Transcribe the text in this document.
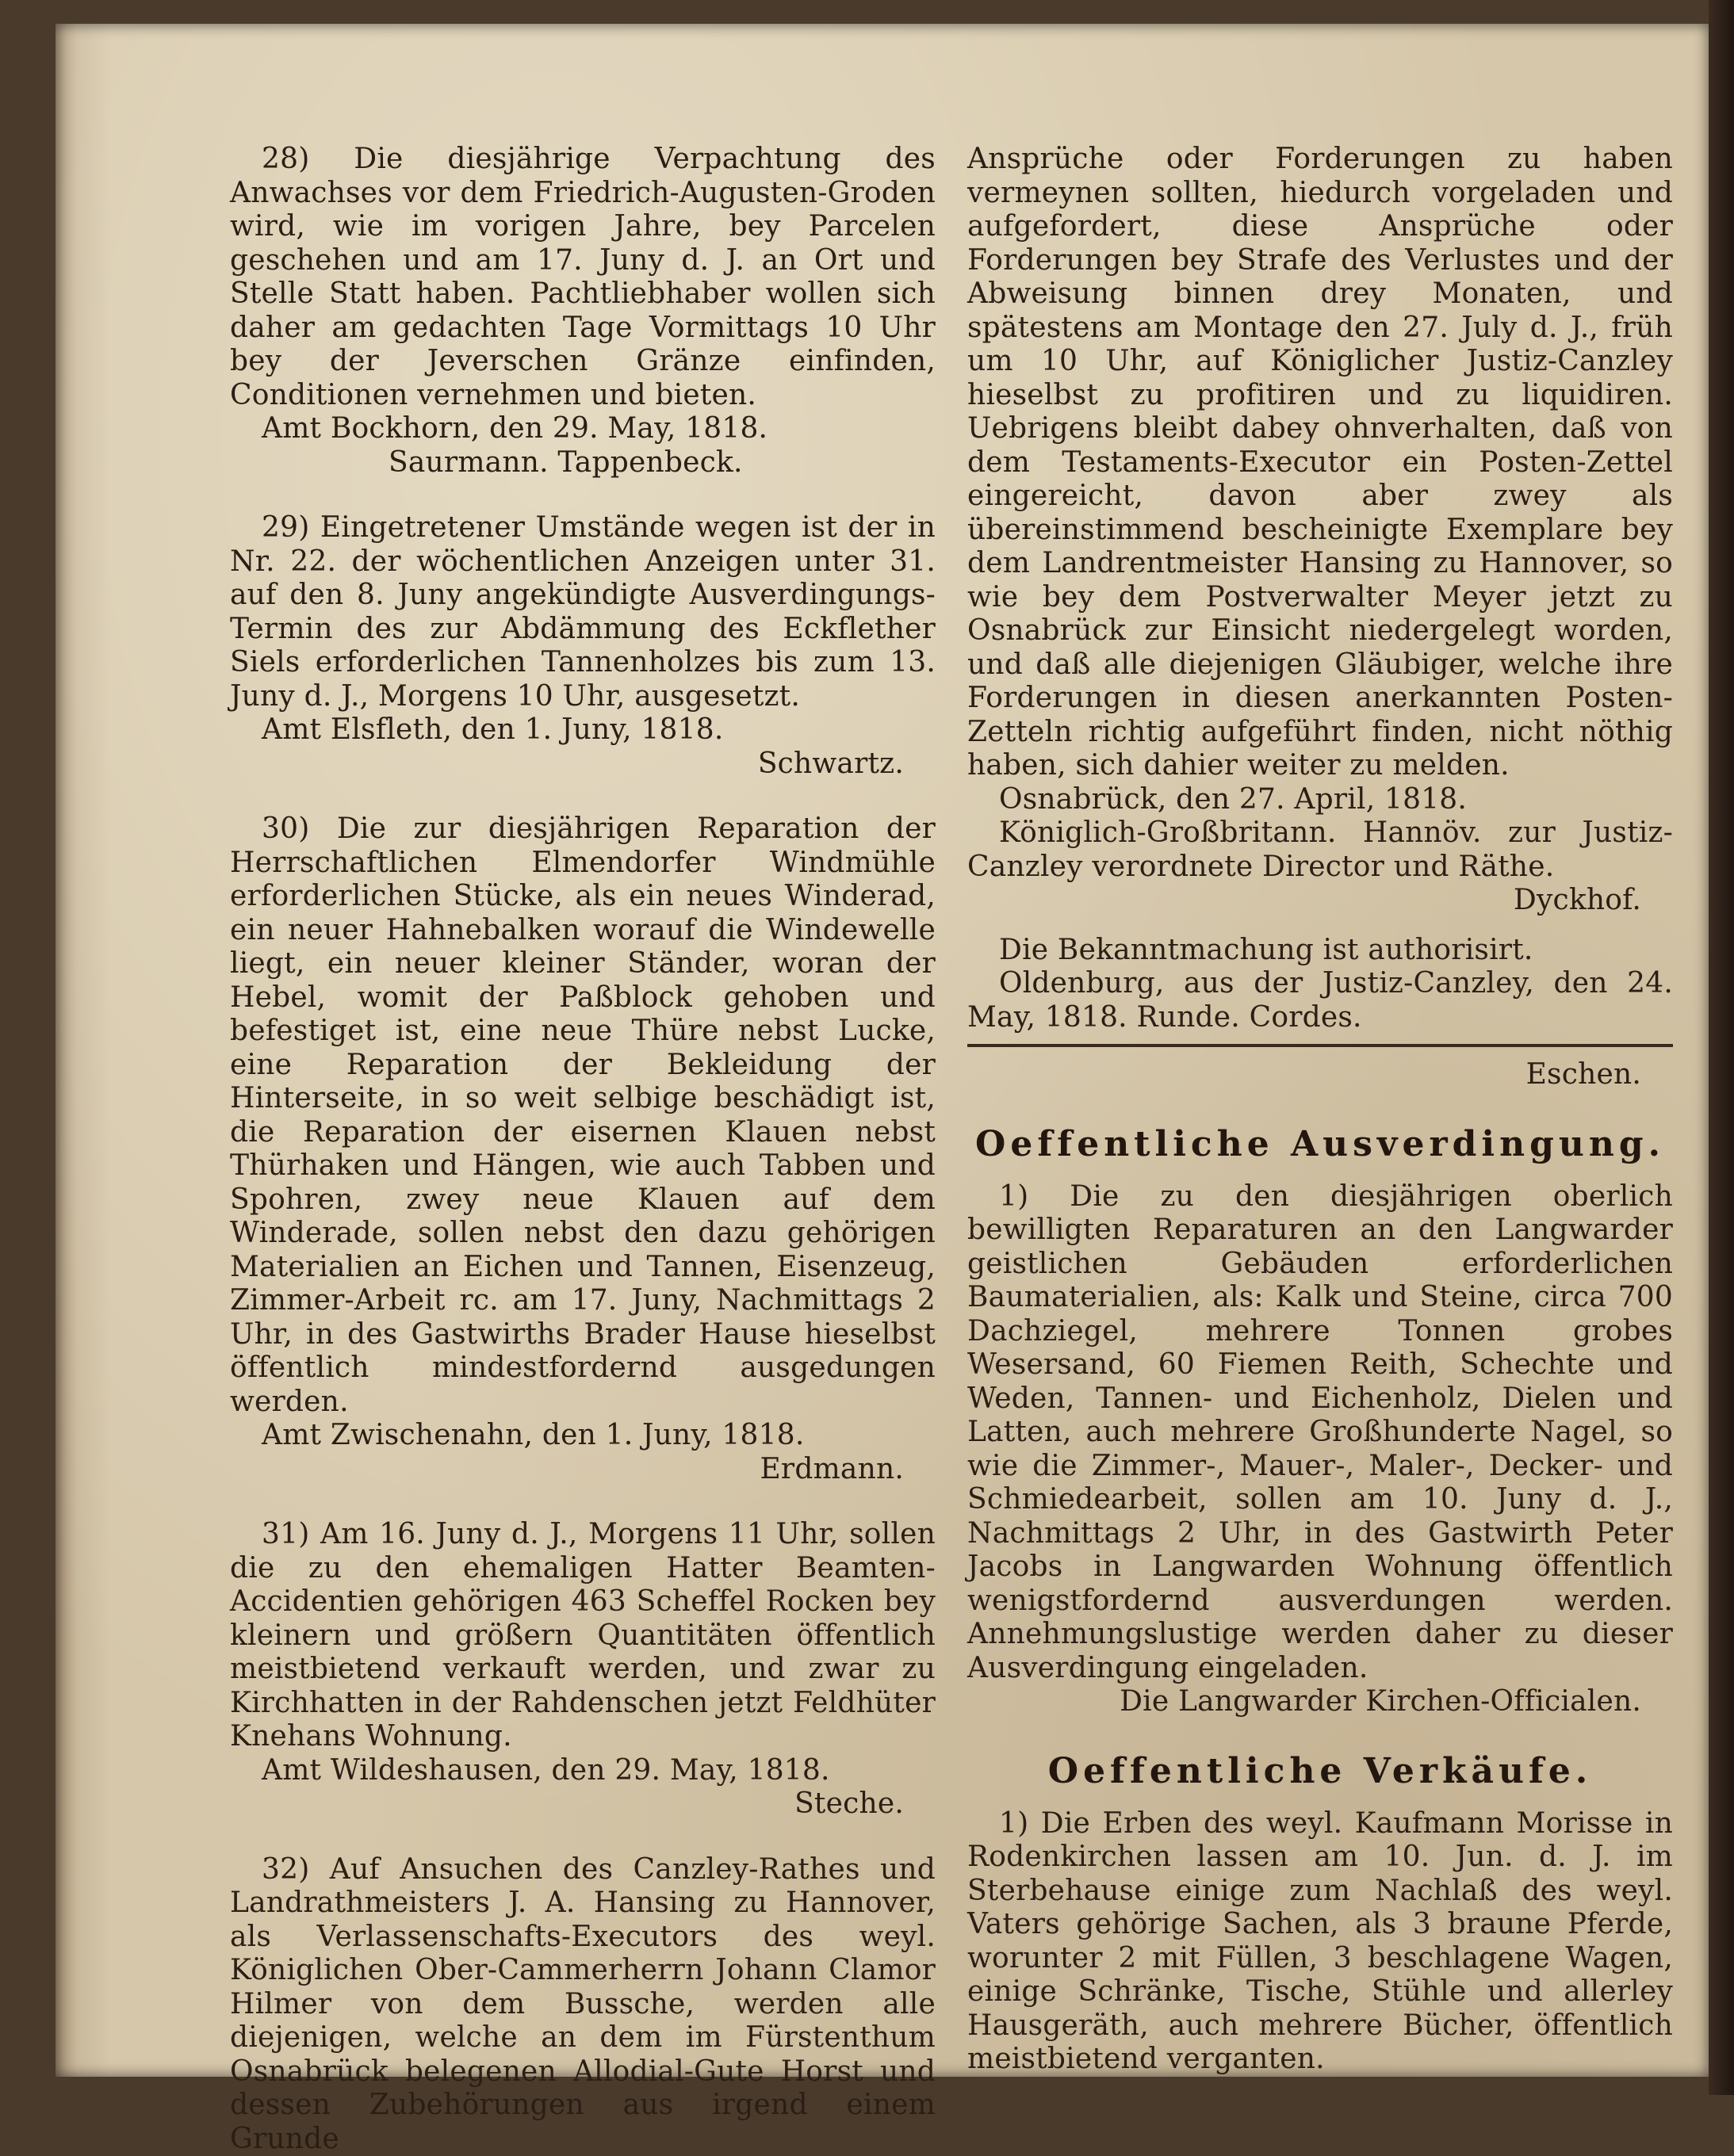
28) Die diesjährige Verpachtung des Anwachses vor dem Friedrich-Augusten-Groden wird, wie im vorigen Jahre, bey Parcelen geschehen und am 17. Juny d. J. an Ort und Stelle Statt haben. Pachtliebhaber wollen sich daher am gedachten Tage Vormittags 10 Uhr bey der Jeverschen Gränze einfinden, Conditionen vernehmen und bieten.

Amt Bockhorn, den 29. May, 1818.

Saurmann. Tappenbeck.

29) Eingetretener Umstände wegen ist der in Nr. 22. der wöchentlichen Anzeigen unter 31. auf den 8. Juny angekündigte Ausverdingungs-Termin des zur Abdämmung des Eckflether Siels erforderlichen Tannenholzes bis zum 13. Juny d. J., Morgens 10 Uhr, ausgesetzt.

Amt Elsfleth, den 1. Juny, 1818.

Schwartz.

30) Die zur diesjährigen Reparation der Herrschaftlichen Elmendorfer Windmühle erforderlichen Stücke, als ein neues Winderad, ein neuer Hahnebalken worauf die Windewelle liegt, ein neuer kleiner Ständer, woran der Hebel, womit der Paßblock gehoben und befestiget ist, eine neue Thüre nebst Lucke, eine Reparation der Bekleidung der Hinterseite, in so weit selbige beschädigt ist, die Reparation der eisernen Klauen nebst Thürhaken und Hängen, wie auch Tabben und Spohren, zwey neue Klauen auf dem Winderade, sollen nebst den dazu gehörigen Materialien an Eichen und Tannen, Eisenzeug, Zimmer-Arbeit rc. am 17. Juny, Nachmittags 2 Uhr, in des Gastwirths Brader Hause hieselbst öffentlich mindestfordernd ausgedungen werden.

Amt Zwischenahn, den 1. Juny, 1818.

Erdmann.

31) Am 16. Juny d. J., Morgens 11 Uhr, sollen die zu den ehemaligen Hatter Beamten-Accidentien gehörigen 463 Scheffel Rocken bey kleinern und größern Quantitäten öffentlich meistbietend verkauft werden, und zwar zu Kirchhatten in der Rahdenschen jetzt Feldhüter Knehans Wohnung.

Amt Wildeshausen, den 29. May, 1818.

Steche.

32) Auf Ansuchen des Canzley-Rathes und Landrathmeisters J. A. Hansing zu Hannover, als Verlassenschafts-Executors des weyl. Königlichen Ober-Cammerherrn Johann Clamor Hilmer von dem Bussche, werden alle diejenigen, welche an dem im Fürstenthum Osnabrück belegenen Allodial-Gute Horst und dessen Zubehörungen aus irgend einem Grunde

Ansprüche oder Forderungen zu haben vermeynen sollten, hiedurch vorgeladen und aufgefordert, diese Ansprüche oder Forderungen bey Strafe des Verlustes und der Abweisung binnen drey Monaten, und spätestens am Montage den 27. July d. J., früh um 10 Uhr, auf Königlicher Justiz-Canzley hieselbst zu profitiren und zu liquidiren. Uebrigens bleibt dabey ohnverhalten, daß von dem Testaments-Executor ein Posten-Zettel eingereicht, davon aber zwey als übereinstimmend bescheinigte Exemplare bey dem Landrentmeister Hansing zu Hannover, so wie bey dem Postverwalter Meyer jetzt zu Osnabrück zur Einsicht niedergelegt worden, und daß alle diejenigen Gläubiger, welche ihre Forderungen in diesen anerkannten Posten-Zetteln richtig aufgeführt finden, nicht nöthig haben, sich dahier weiter zu melden.

Osnabrück, den 27. April, 1818.

Königlich-Großbritann. Hannöv. zur Justiz-Canzley verordnete Director und Räthe.

Dyckhof.

Die Bekanntmachung ist authorisirt.

Oldenburg, aus der Justiz-Canzley, den 24. May, 1818. Runde. Cordes.

Eschen.

Oeffentliche Ausverdingung.

1) Die zu den diesjährigen oberlich bewilligten Reparaturen an den Langwarder geistlichen Gebäuden erforderlichen Baumaterialien, als: Kalk und Steine, circa 700 Dachziegel, mehrere Tonnen grobes Wesersand, 60 Fiemen Reith, Schechte und Weden, Tannen- und Eichenholz, Dielen und Latten, auch mehrere Großhunderte Nagel, so wie die Zimmer-, Mauer-, Maler-, Decker- und Schmiedearbeit, sollen am 10. Juny d. J., Nachmittags 2 Uhr, in des Gastwirth Peter Jacobs in Langwarden Wohnung öffentlich wenigstfordernd ausverdungen werden. Annehmungslustige werden daher zu dieser Ausverdingung eingeladen.

Die Langwarder Kirchen-Officialen.

Oeffentliche Verkäufe.

1) Die Erben des weyl. Kaufmann Morisse in Rodenkirchen lassen am 10. Jun. d. J. im Sterbehause einige zum Nachlaß des weyl. Vaters gehörige Sachen, als 3 braune Pferde, worunter 2 mit Füllen, 3 beschlagene Wagen, einige Schränke, Tische, Stühle und allerley Hausgeräth, auch mehrere Bücher, öffentlich meistbietend verganten.
